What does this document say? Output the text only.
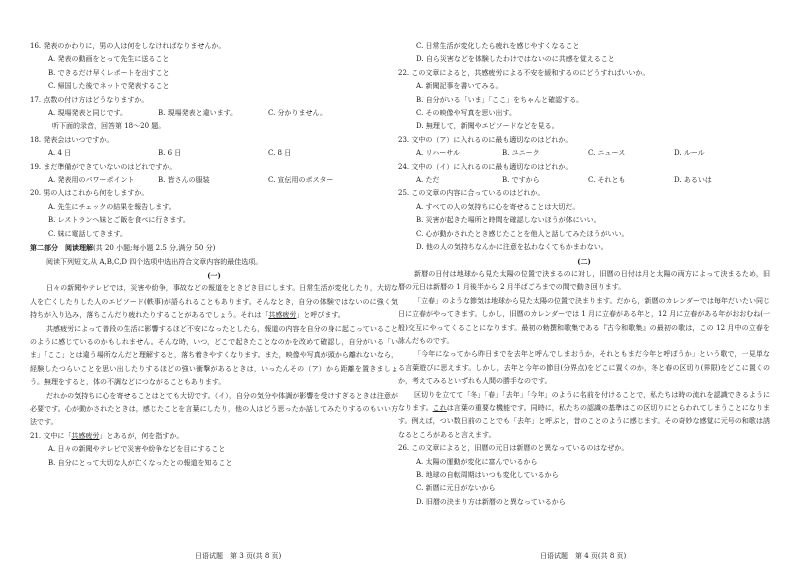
16. 発表のかわりに，男の人は何をしなければなりませんか。

A. 発表の動画をとって先生に送ること

B. できるだけ早くレポートを出すこと

C. 帰国した後でネットで発表すること

17. 点数の付け方はどうなりますか。

A. 現場発表と同じです。	B. 現場発表と違います。	C. 分かりません。

听下面的录音，回答第 18～20 题。

18. 発表会はいつですか。

A. 4 日	B. 6 日	C. 8 日

19. まだ準備ができていないのはどれですか。

A. 発表用のパワーポイント	B. 皆さんの服装	C. 宣伝用のポスター

20. 男の人はこれから何をしますか。

A. 先生にチェックの結果を報告します。

B. レストランへ妹とご飯を食べに行きます。

C. 妹に電話してきます。

第二部分　阅读理解(共 20 小题;每小题 2.5 分,满分 50 分)

阅读下列短文,从 A,B,C,D 四个选项中选出符合文章内容的最佳选项。

(一)

日々の新聞やテレビでは，災害や紛争，事故などの報道をときどき目にします。日常生活が変化したり，大切な人を亡くしたりした人のエピソード(軼事)が語られることもあります。そんなとき，自分の体験ではないのに強く気持ちが入り込み，落ちこんだり疲れたりすることがあるでしょう。それは「共感疲労」と呼びます。

共感疲労によって普段の生活に影響するほど不安になったとしたら，報道の内容を自分の身に起こっていることのように感じているのかもしれません。そんな時，いつ，どこで起きたことなのかを改めて確認し，自分がいる「いま」「ここ」とは違う場所なんだと理解すると，落ち着きやすくなります。また，映像や写真が頭から離れないなら，経験したつらいことを思い出したりするほどの強い衝撃があるときは，いったんその（ア）から距離を置きましょう。無理をすると，体の不調などにつながることもあります。

だれかの気持ちに心を寄せることはとても大切です。（イ），自分の気分や体調が影響を受けすぎるときは注意が必要です。心が動かされたときは，感じたことを言葉にしたり，他の人はどう思ったか話してみたりするのもいい方法です。

21. 文中に「共感疲労」とあるが，何を指すか。

A. 日々の新聞やテレビで災害や紛争などを目にすること

B. 自分にとって大切な人が亡くなったとの報道を知ること

C. 日常生活が変化したら疲れを感じやすくなること

D. 自ら災害などを体験したわけではないのに共感を覚えること

22. この文章によると，共感疲労による不安を緩和するのにどうすればいいか。

A. 新聞記事を書いてみる。

B. 自分がいる「いま」「ここ」をちゃんと確認する。

C. その映像や写真を思い出す。

D. 無理して，新聞やエピソードなどを見る。

23. 文中の（ア）に入れるのに最も適切なのはどれか。

A. リハーサル	B. ユニーク	C. ニュース	D. ルール

24. 文中の（イ）に入れるのに最も適切なのはどれか。

A. ただ	B. ですから	C. それとも	D. あるいは

25. この文章の内容に合っているのはどれか。

A. すべての人の気持ちに心を寄せることは大切だ。

B. 災害が起きた場所と時間を確認しないほうが体にいい。

C. 心が動かされたとき感じたことを他人と話してみたほうがいい。

D. 他の人の気持ちなんかに注意を払わなくてもかまわない。

(二)

新暦の日付は地球から見た太陽の位置で決まるのに対し，旧暦の日付は月と太陽の両方によって決まるため，旧暦の元日は新暦の 1 月後半から 2 月半ばごろまでの間で動き回ります。

「立春」のような節気は地球から見た太陽の位置で決まります。だから，新暦のカレンダーでは毎年だいたい同じ日に立春がやってきます。しかし，旧暦のカレンダーでは 1 月に立春がある年と，12 月に立春がある年がおおむね(一般)交互にやってくることになります。最初の勅撰和歌集である『古今和歌集』の最初の歌は，この 12 月中の立春を詠んだものです。

「今年になってから昨日までを去年と呼んでしまおうか，それともまだ今年と呼ぼうか」という歌で，一見単なる言葉遊びに思えます。しかし，去年と今年の節目(分界点)をどこに置くのか，冬と春の区切り(界限)をどこに置くのか，考えてみるといずれも人間の勝手なのです。

区切りを立てて「冬」「春」「去年」「今年」のように名前を付けることで，私たちは時の流れを認識できるようになります。これは言葉の重要な機能です。同時に，私たちの認識の基準はこの区切りにとらわれてしまうことになります。例えば，つい数日前のことでも「去年」と呼ぶと，昔のことのように感じます。その奇妙な感覚に元号の和歌は誘なるところがあると言えます。

26. この文章によると，旧暦の元日は新暦のと異なっているのはなぜか。

A. 太陽の運動が変化に富んでいるから

B. 地球の自転周期はいつも変化しているから

C. 新暦に元日がないから

D. 旧暦の決まり方は新暦のと異なっているから

日语试题　第 3 页(共 8 页)	日语试题　第 4 页(共 8 页)
